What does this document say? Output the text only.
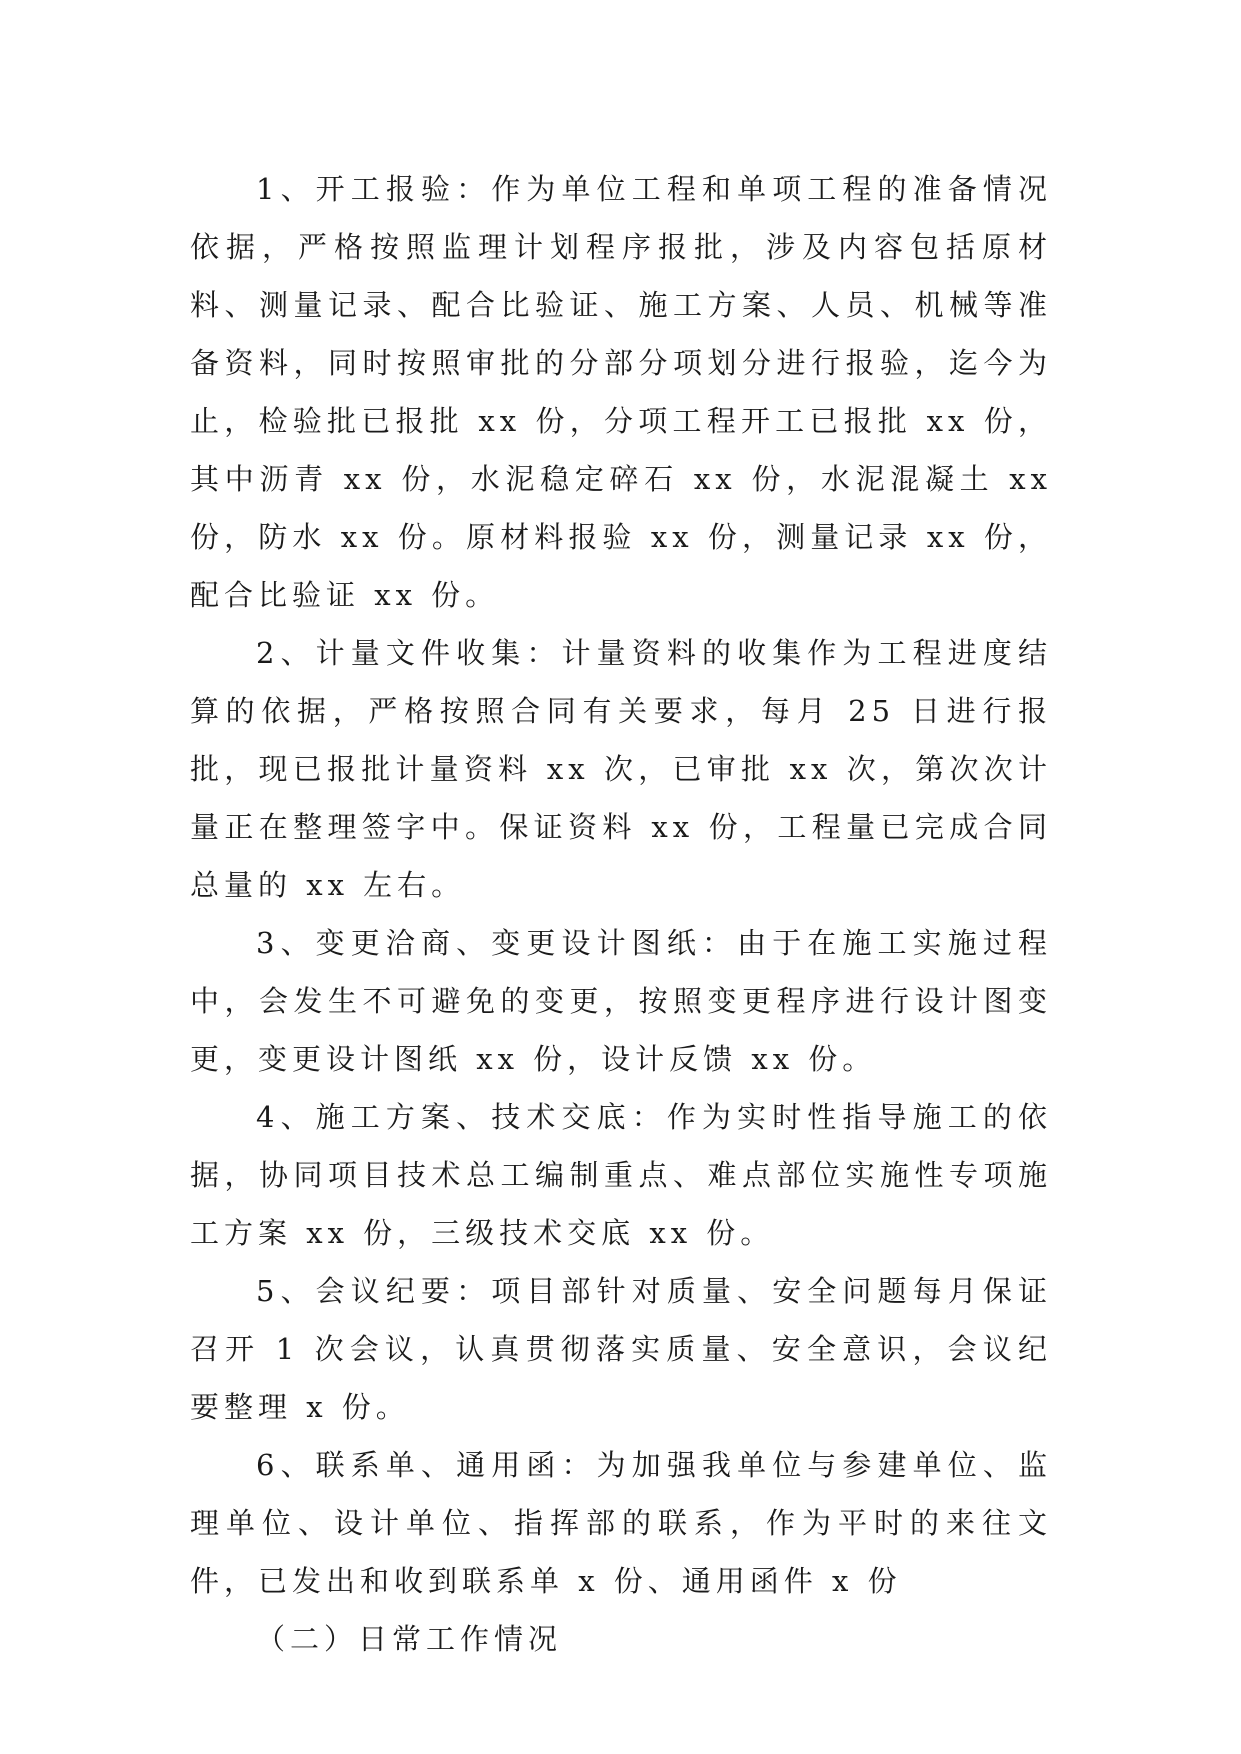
1、开工报验：作为单位工程和单项工程的准备情况依据，严格按照监理计划程序报批，涉及内容包括原材料、测量记录、配合比验证、施工方案、人员、机械等准备资料，同时按照审批的分部分项划分进行报验，迄今为止，检验批已报批 xx 份，分项工程开工已报批 xx 份，其中沥青 xx 份，水泥稳定碎石 xx 份，水泥混凝土 xx 份，防水 xx 份。原材料报验 xx 份，测量记录 xx 份，配合比验证 xx 份。

2、计量文件收集：计量资料的收集作为工程进度结算的依据，严格按照合同有关要求，每月 25 日进行报批，现已报批计量资料 xx 次，已审批 xx 次，第次次计量正在整理签字中。保证资料 xx 份，工程量已完成合同总量的 xx 左右。

3、变更洽商、变更设计图纸：由于在施工实施过程中，会发生不可避免的变更，按照变更程序进行设计图变更，变更设计图纸 xx 份，设计反馈 xx 份。

4、施工方案、技术交底：作为实时性指导施工的依据，协同项目技术总工编制重点、难点部位实施性专项施工方案 xx 份，三级技术交底 xx 份。

5、会议纪要：项目部针对质量、安全问题每月保证召开 1 次会议，认真贯彻落实质量、安全意识，会议纪要整理 x 份。

6、联系单、通用函：为加强我单位与参建单位、监理单位、设计单位、指挥部的联系，作为平时的来往文件，已发出和收到联系单 x 份、通用函件 x 份

（二）日常工作情况
